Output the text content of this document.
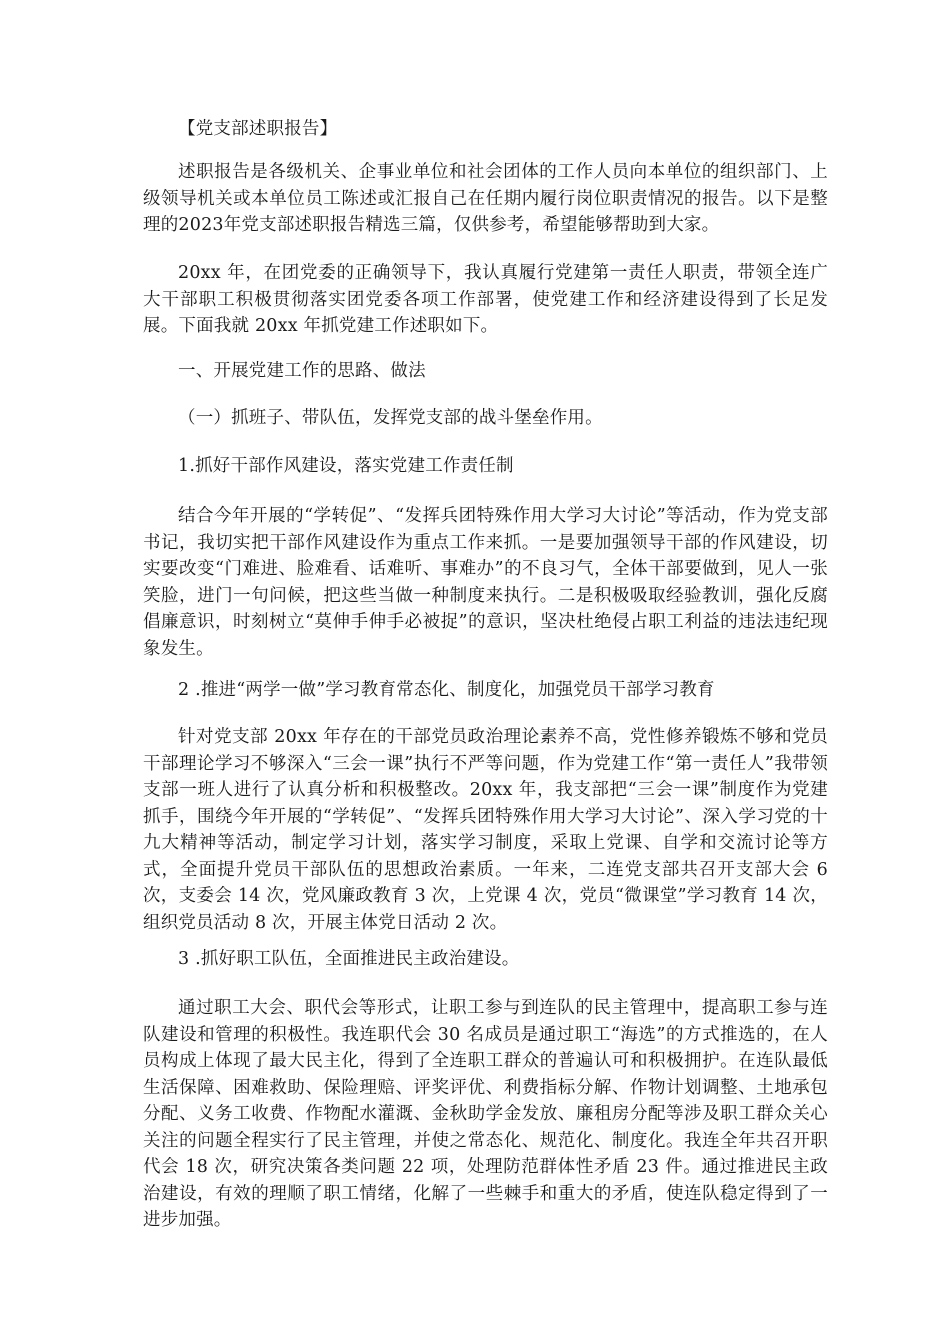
【党支部述职报告】

述职报告是各级机关、企事业单位和社会团体的工作人员向本单位的组织部门、上级领导机关或本单位员工陈述或汇报自己在任期内履行岗位职责情况的报告。以下是整理的2023年党支部述职报告精选三篇，仅供参考，希望能够帮助到大家。

20xx 年，在团党委的正确领导下，我认真履行党建第一责任人职责，带领全连广大干部职工积极贯彻落实团党委各项工作部署，使党建工作和经济建设得到了长足发展。下面我就 20xx 年抓党建工作述职如下。

一、开展党建工作的思路、做法

（一）抓班子、带队伍，发挥党支部的战斗堡垒作用。

1.抓好干部作风建设，落实党建工作责任制

结合今年开展的“学转促”、“发挥兵团特殊作用大学习大讨论”等活动，作为党支部书记，我切实把干部作风建设作为重点工作来抓。一是要加强领导干部的作风建设，切实要改变“门难进、脸难看、话难听、事难办”的不良习气，全体干部要做到，见人一张笑脸，进门一句问候，把这些当做一种制度来执行。二是积极吸取经验教训，强化反腐倡廉意识，时刻树立“莫伸手伸手必被捉”的意识，坚决杜绝侵占职工利益的违法违纪现象发生。

2 .推进“两学一做”学习教育常态化、制度化，加强党员干部学习教育

针对党支部 20xx 年存在的干部党员政治理论素养不高，党性修养锻炼不够和党员干部理论学习不够深入“三会一课”执行不严等问题，作为党建工作“第一责任人”我带领支部一班人进行了认真分析和积极整改。20xx 年，我支部把“三会一课”制度作为党建抓手，围绕今年开展的“学转促”、“发挥兵团特殊作用大学习大讨论”、深入学习党的十九大精神等活动，制定学习计划，落实学习制度，采取上党课、自学和交流讨论等方式，全面提升党员干部队伍的思想政治素质。一年来，二连党支部共召开支部大会 6 次，支委会 14 次，党风廉政教育 3 次，上党课 4 次，党员“微课堂”学习教育 14 次，组织党员活动 8 次，开展主体党日活动 2 次。

3 .抓好职工队伍，全面推进民主政治建设。

通过职工大会、职代会等形式，让职工参与到连队的民主管理中，提高职工参与连队建设和管理的积极性。我连职代会 30 名成员是通过职工“海选”的方式推选的，在人员构成上体现了最大民主化，得到了全连职工群众的普遍认可和积极拥护。在连队最低生活保障、困难救助、保险理赔、评奖评优、利费指标分解、作物计划调整、土地承包分配、义务工收费、作物配水灌溉、金秋助学金发放、廉租房分配等涉及职工群众关心关注的问题全程实行了民主管理，并使之常态化、规范化、制度化。我连全年共召开职代会 18 次，研究决策各类问题 22 项，处理防范群体性矛盾 23 件。通过推进民主政治建设，有效的理顺了职工情绪，化解了一些棘手和重大的矛盾，使连队稳定得到了一进步加强。
